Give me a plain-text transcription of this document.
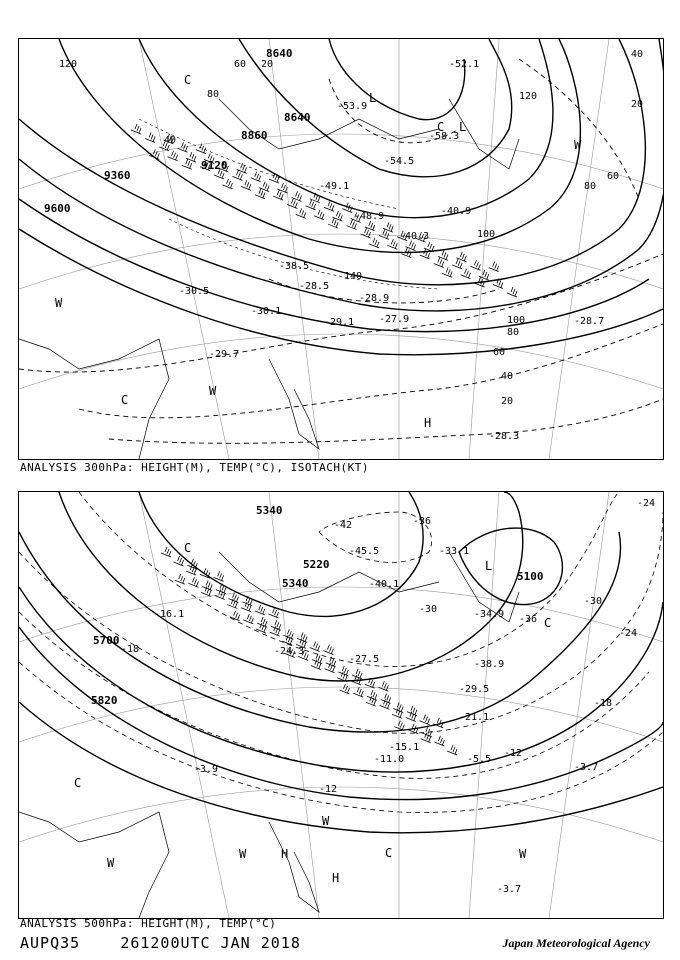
8640
8860
9120
9360
9600
8640
120
80
60
40
20
140
100
120
80
60
40
20
100
80
60
40
20
-52.1
-53.9
-58.3
-54.5
-49.1
-48.9	-40.9
-38.5
-30.5
-29.7
-30.1
-28.9
-27.9	-28.7
-29.1
-28.5
-40.3
-28.3
C
L
W
C
W
H
C L
W
ANALYSIS 300hPa: HEIGHT(M), TEMP(°C), ISOTACH(KT)
5340
5220
5340
5700
5820
5100
-42	-36
-30
-24
-18
-12
-24
-36
-30
-18
-12
-45.5
-40.1
-33.1
-34.9
-38.9
-29.5
-21.1
-15.1
-5.5
-3.7
-11.0
-24.3
-27.5
-16.1
-3.9
-3.7
C
L
C
C
W
W	H
H
C
W
W
ANALYSIS 500hPa: HEIGHT(M), TEMP(°C)
AUPQ35	261200UTC JAN 2018	Japan Meteorological Agency
